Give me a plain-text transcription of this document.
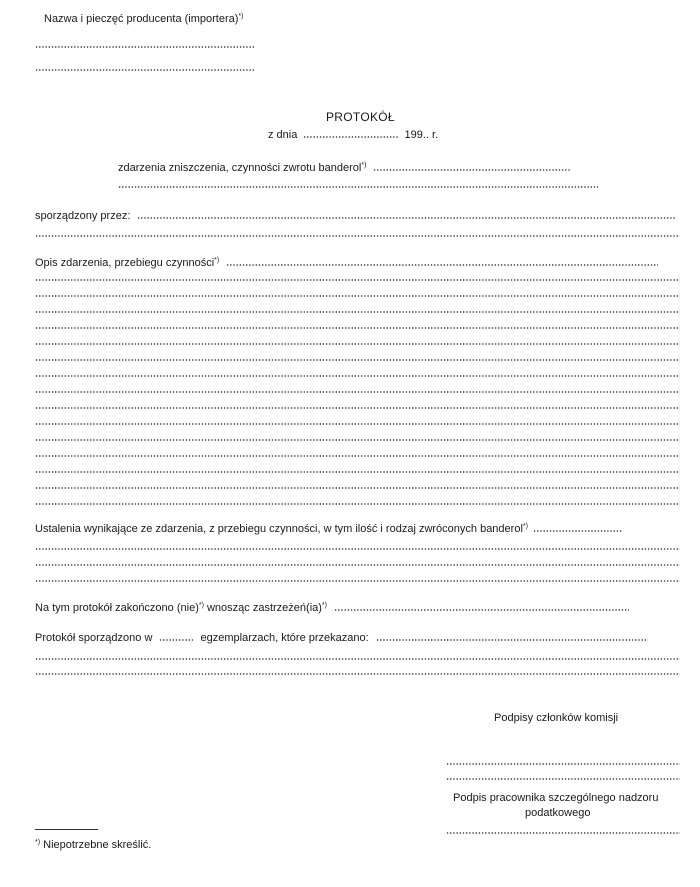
Nazwa i pieczęć producenta (importera)*)
PROTOKÓŁ
z dnia	199.. r.
zdarzenia zniszczenia, czynności zwrotu banderol*)
sporządzony przez:
Opis zdarzenia, przebiegu czynności*)
Ustalenia wynikające ze zdarzenia, z przebiegu czynności, w tym ilość i rodzaj zwróconych banderol*)
Na tym protokół zakończono (nie)*) wnosząc zastrzeżeń(ia)*)
Protokół sporządzono w	egzemplarzach, które przekazano:
Podpisy członków komisji
Podpis pracownika szczególnego nadzoru
podatkowego
*) Niepotrzebne skreślić.
